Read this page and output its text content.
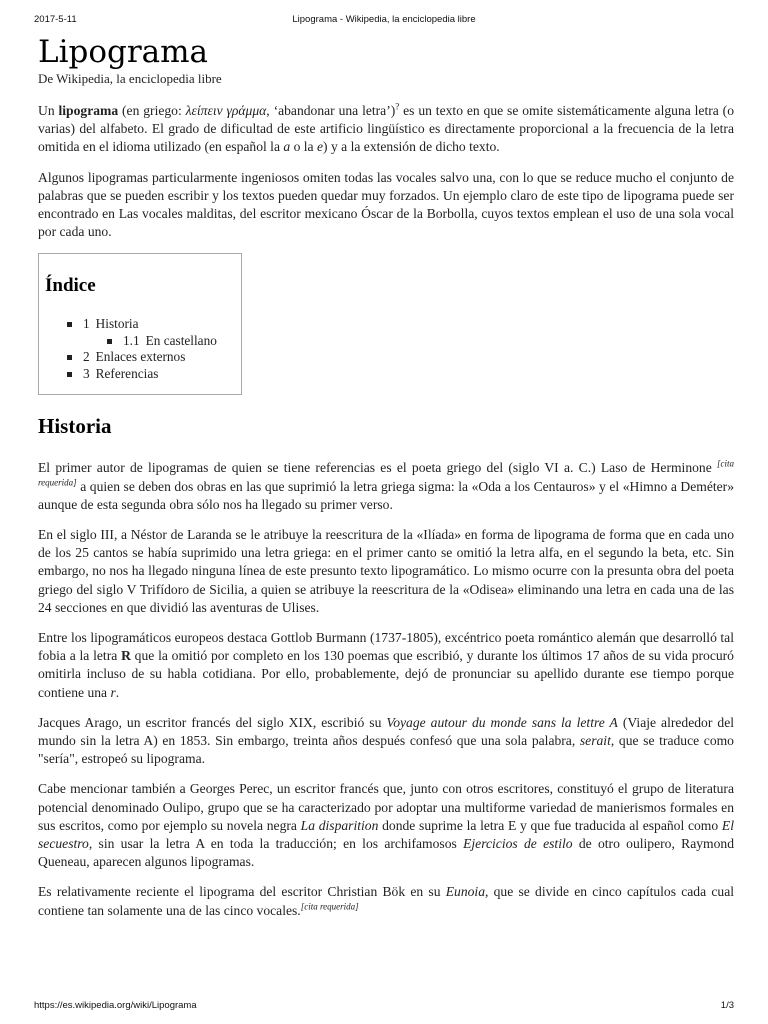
2017-5-11	Lipograma - Wikipedia, la enciclopedia libre
Lipograma
De Wikipedia, la enciclopedia libre

Un lipograma (en griego: λείπειν γράμμα, ‘abandonar una letra’)? es un texto en que se omite sistemáticamente alguna letra (o varias) del alfabeto. El grado de dificultad de este artificio lingüístico es directamente proporcional a la frecuencia de la letra omitida en el idioma utilizado (en español la a o la e) y a la extensión de dicho texto.

Algunos lipogramas particularmente ingeniosos omiten todas las vocales salvo una, con lo que se reduce mucho el conjunto de palabras que se pueden escribir y los textos pueden quedar muy forzados. Un ejemplo claro de este tipo de lipograma puede ser encontrado en Las vocales malditas, del escritor mexicano Óscar de la Borbolla, cuyos textos emplean el uso de una sola vocal por cada uno.

Índice
1 Historia
1.1 En castellano
2 Enlaces externos
3 Referencias
Historia

El primer autor de lipogramas de quien se tiene referencias es el poeta griego del (siglo VI a. C.) Laso de Herminone [cita requerida] a quien se deben dos obras en las que suprimió la letra griega sigma: la «Oda a los Centauros» y el «Himno a Deméter» aunque de esta segunda obra sólo nos ha llegado su primer verso.

En el siglo III, a Néstor de Laranda se le atribuye la reescritura de la «Ilíada» en forma de lipograma de forma que en cada uno de los 25 cantos se había suprimido una letra griega: en el primer canto se omitió la letra alfa, en el segundo la beta, etc. Sin embargo, no nos ha llegado ninguna línea de este presunto texto lipogramático. Lo mismo ocurre con la presunta obra del poeta griego del siglo V Trifídoro de Sicilia, a quien se atribuye la reescritura de la «Odisea» eliminando una letra en cada una de las 24 secciones en que dividió las aventuras de Ulises.

Entre los lipogramáticos europeos destaca Gottlob Burmann (1737-1805), excéntrico poeta romántico alemán que desarrolló tal fobia a la letra R que la omitió por completo en los 130 poemas que escribió, y durante los últimos 17 años de su vida procuró omitirla incluso de su habla cotidiana. Por ello, probablemente, dejó de pronunciar su apellido durante ese tiempo porque contiene una r.

Jacques Arago, un escritor francés del siglo XIX, escribió su Voyage autour du monde sans la lettre A (Viaje alrededor del mundo sin la letra A) en 1853. Sin embargo, treinta años después confesó que una sola palabra, serait, que se traduce como "sería", estropeó su lipograma.

Cabe mencionar también a Georges Perec, un escritor francés que, junto con otros escritores, constituyó el grupo de literatura potencial denominado Oulipo, grupo que se ha caracterizado por adoptar una multiforme variedad de manierismos formales en sus escritos, como por ejemplo su novela negra La disparition donde suprime la letra E y que fue traducida al español como El secuestro, sin usar la letra A en toda la traducción; en los archifamosos Ejercicios de estilo de otro oulipero, Raymond Queneau, aparecen algunos lipogramas.

Es relativamente reciente el lipograma del escritor Christian Bök en su Eunoia, que se divide en cinco capítulos cada cual contiene tan solamente una de las cinco vocales.[cita requerida]

https://es.wikipedia.org/wiki/Lipograma	1/3
